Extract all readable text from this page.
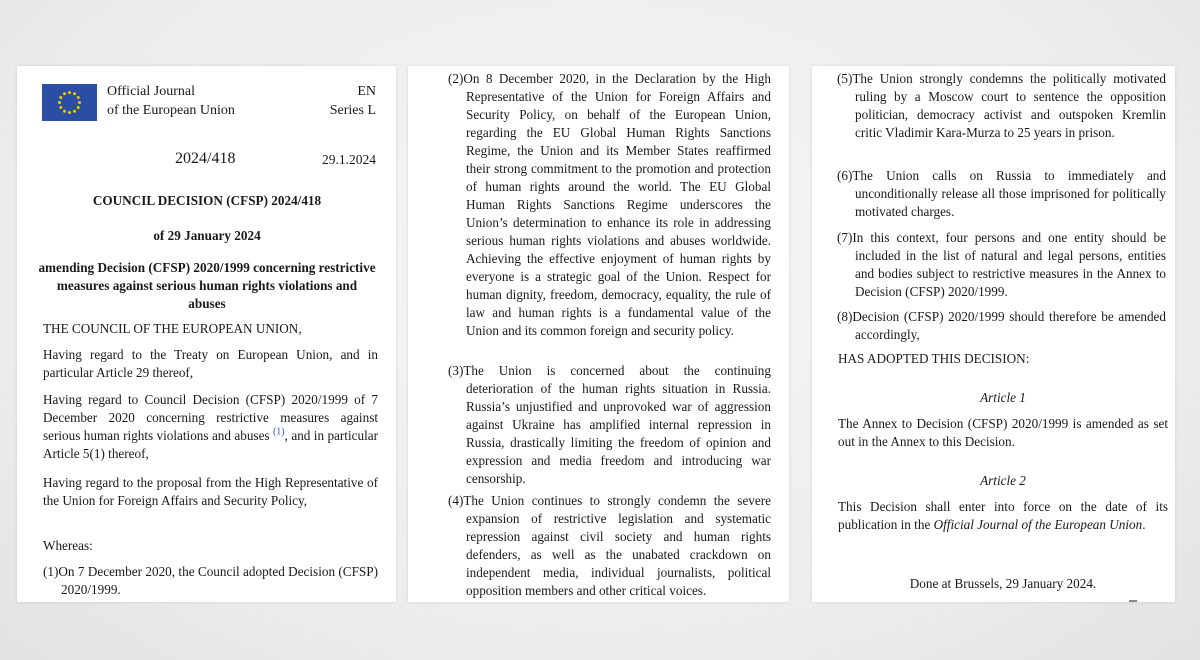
Official Journal
of the European Union
EN
Series L
2024/418	29.1.2024
COUNCIL DECISION (CFSP) 2024/418
of 29 January 2024
amending Decision (CFSP) 2020/1999 concerning restrictive measures against serious human rights violations and abuses
THE COUNCIL OF THE EUROPEAN UNION,
Having regard to the Treaty on European Union, and in particular Article 29 thereof,
Having regard to Council Decision (CFSP) 2020/1999 of 7 December 2020 concerning restrictive measures against serious human rights violations and abuses $^{(1)}$, and in particular Article 5(1) thereof,
Having regard to the proposal from the High Representative of the Union for Foreign Affairs and Security Policy,
Whereas:
(1)On 7 December 2020, the Council adopted Decision (CFSP) 2020/1999.
(2)On 8 December 2020, in the Declaration by the High Representative of the Union for Foreign Affairs and Security Policy, on behalf of the European Union, regarding the EU Global Human Rights Sanctions Regime, the Union and its Member States reaffirmed their strong commitment to the promotion and protection of human rights around the world. The EU Global Human Rights Sanctions Regime underscores the Union’s determination to enhance its role in addressing serious human rights violations and abuses worldwide. Achieving the effective enjoyment of human rights by everyone is a strategic goal of the Union. Respect for human dignity, freedom, democracy, equality, the rule of law and human rights is a fundamental value of the Union and its common foreign and security policy.
(3)The Union is concerned about the continuing deterioration of the human rights situation in Russia. Russia’s unjustified and unprovoked war of aggression against Ukraine has amplified internal repression in Russia, drastically limiting the freedom of opinion and expression and media freedom and introducing war censorship.
(4)The Union continues to strongly condemn the severe expansion of restrictive legislation and systematic repression against civil society and human rights defenders, as well as the unabated crackdown on independent media, individual journalists, political opposition members and other critical voices.
(5)The Union strongly condemns the politically motivated ruling by a Moscow court to sentence the opposition politician, democracy activist and outspoken Kremlin critic Vladimir Kara-Murza to 25 years in prison.
(6)The Union calls on Russia to immediately and unconditionally release all those imprisoned for politically motivated charges.
(7)In this context, four persons and one entity should be included in the list of natural and legal persons, entities and bodies subject to restrictive measures in the Annex to Decision (CFSP) 2020/1999.
(8)Decision (CFSP) 2020/1999 should therefore be amended accordingly,
HAS ADOPTED THIS DECISION:
Article 1
The Annex to Decision (CFSP) 2020/1999 is amended as set out in the Annex to this Decision.
Article 2
This Decision shall enter into force on the date of its publication in the Official Journal of the European Union.
Done at Brussels, 29 January 2024.
